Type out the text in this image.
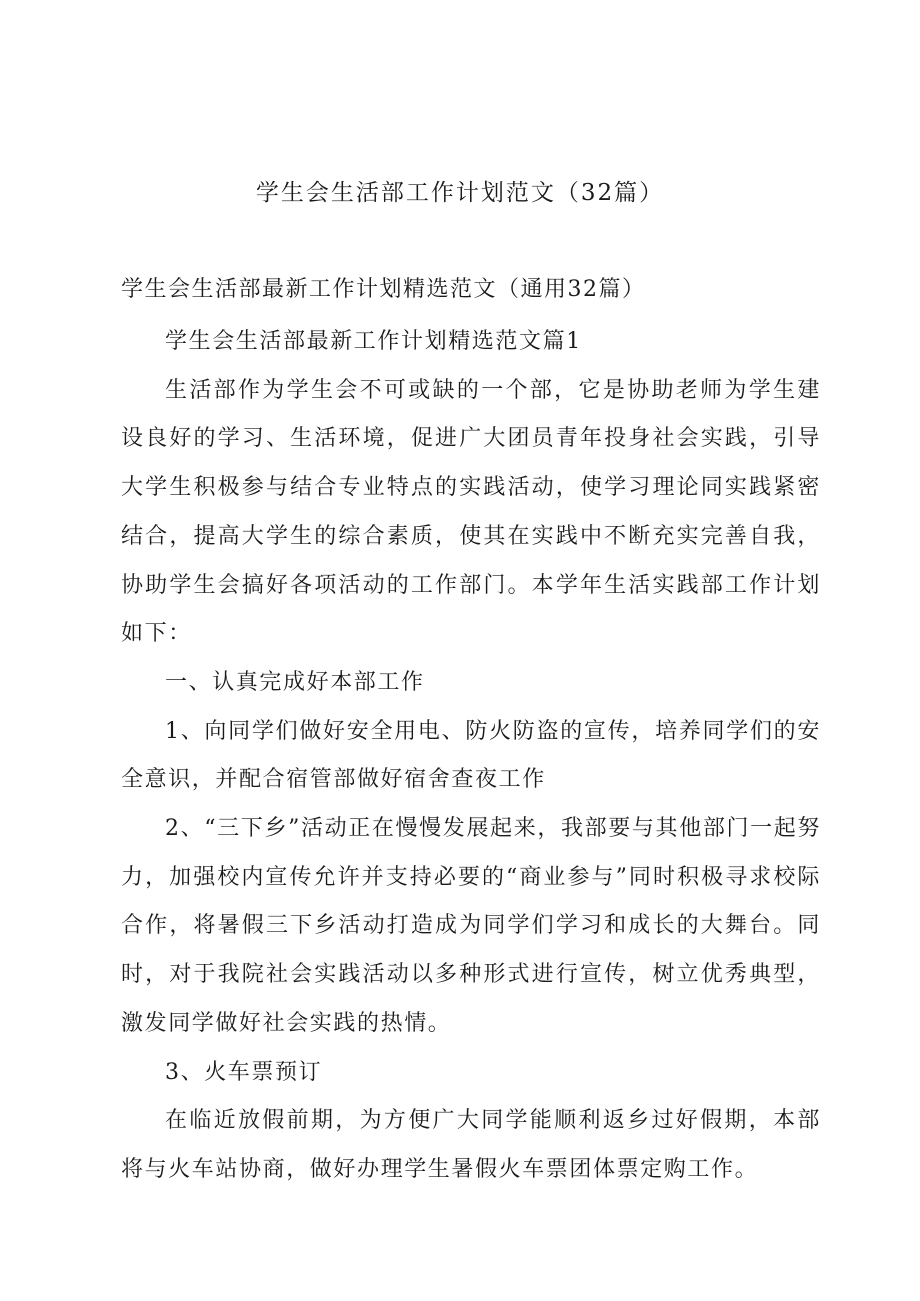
学生会生活部工作计划范文（32篇）

学生会生活部最新工作计划精选范文（通用32篇）

学生会生活部最新工作计划精选范文篇1

生活部作为学生会不可或缺的一个部，它是协助老师为学生建设良好的学习、生活环境，促进广大团员青年投身社会实践，引导大学生积极参与结合专业特点的实践活动，使学习理论同实践紧密结合，提高大学生的综合素质，使其在实践中不断充实完善自我，协助学生会搞好各项活动的工作部门。本学年生活实践部工作计划如下：

一、认真完成好本部工作

1、向同学们做好安全用电、防火防盗的宣传，培养同学们的安全意识，并配合宿管部做好宿舍查夜工作

2、“三下乡”活动正在慢慢发展起来，我部要与其他部门一起努力，加强校内宣传允许并支持必要的“商业参与”同时积极寻求校际合作，将暑假三下乡活动打造成为同学们学习和成长的大舞台。同时，对于我院社会实践活动以多种形式进行宣传，树立优秀典型，激发同学做好社会实践的热情。

3、火车票预订

在临近放假前期，为方便广大同学能顺利返乡过好假期，本部将与火车站协商，做好办理学生暑假火车票团体票定购工作。
